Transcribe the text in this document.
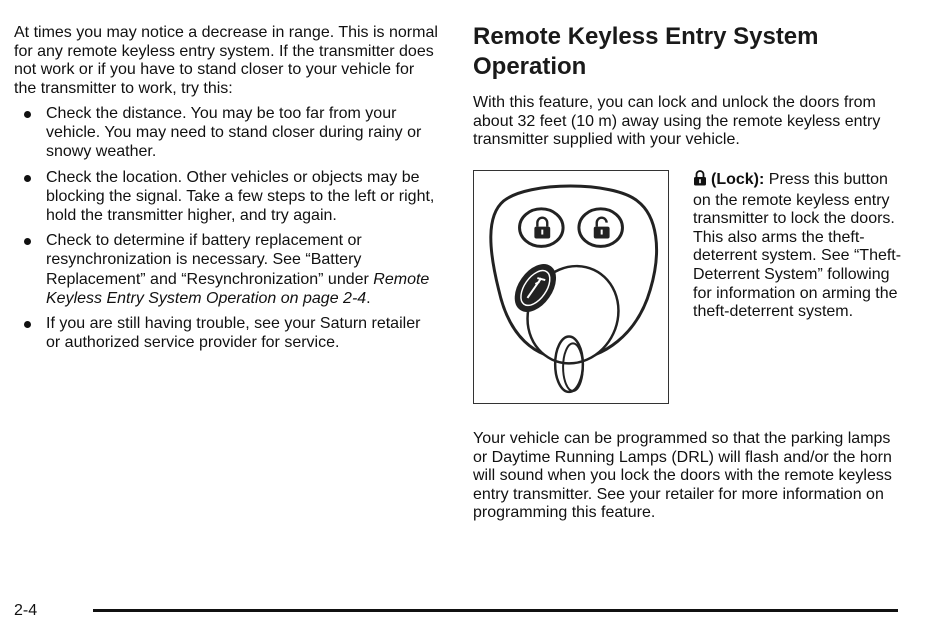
At times you may notice a decrease in range. This is normal for any remote keyless entry system. If the transmitter does not work or if you have to stand closer to your vehicle for the transmitter to work, try this:

Check the distance. You may be too far from your vehicle. You may need to stand closer during rainy or snowy weather.
Check the location. Other vehicles or objects may be blocking the signal. Take a few steps to the left or right, hold the transmitter higher, and try again.
Check to determine if battery replacement or resynchronization is necessary. See “Battery Replacement” and “Resynchronization” under Remote Keyless Entry System Operation on page 2-4.
If you are still having trouble, see your Saturn retailer or authorized service provider for service.
Remote Keyless Entry System Operation

With this feature, you can lock and unlock the doors from about 32 feet (10 m) away using the remote keyless entry transmitter supplied with your vehicle.

(Lock): Press this button on the remote keyless entry transmitter to lock the doors. This also arms the theft-deterrent system. See “Theft-Deterrent System” following for information on arming the theft-deterrent system.

Your vehicle can be programmed so that the parking lamps or Daytime Running Lamps (DRL) will flash and/or the horn will sound when you lock the doors with the remote keyless entry transmitter. See your retailer for more information on programming this feature.

2-4
